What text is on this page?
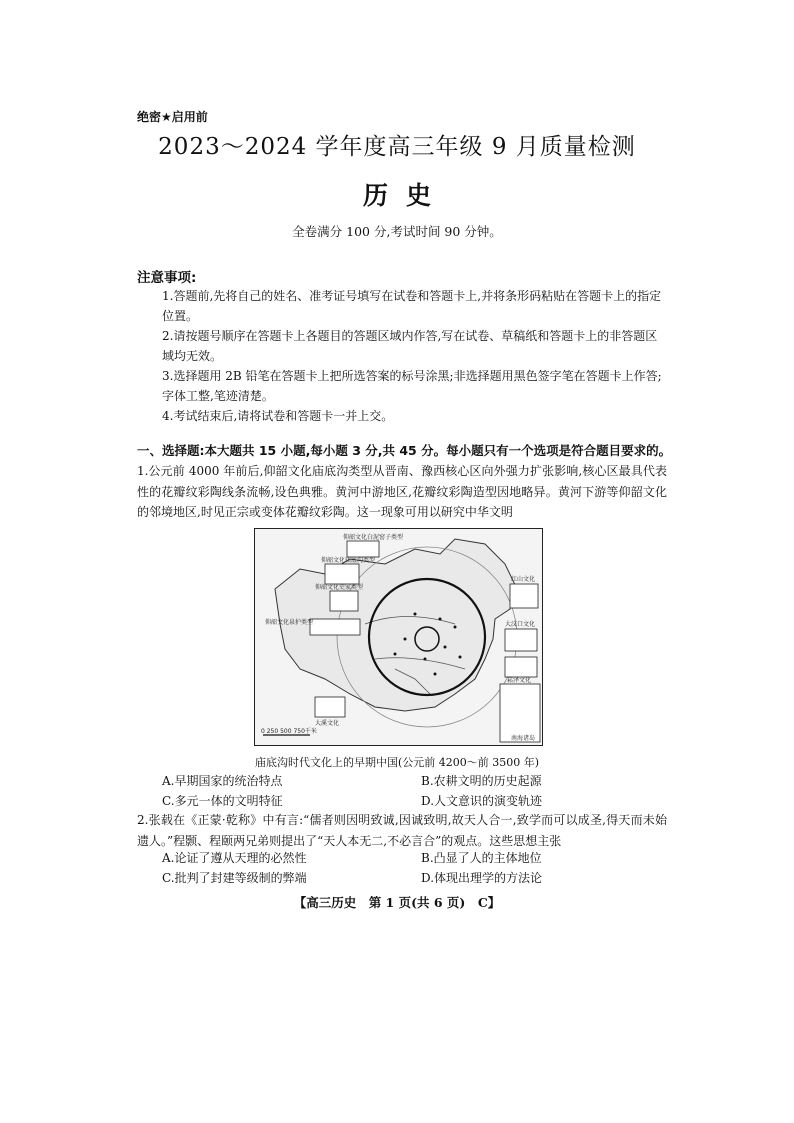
绝密★启用前
2023～2024 学年度高三年级 9 月质量检测
历史
全卷满分 100 分,考试时间 90 分钟。
注意事项:
1.答题前,先将自己的姓名、准考证号填写在试卷和答题卡上,并将条形码粘贴在答题卡上的指定位置。
2.请按题号顺序在答题卡上各题目的答题区域内作答,写在试卷、草稿纸和答题卡上的非答题区域均无效。
3.选择题用 2B 铅笔在答题卡上把所选答案的标号涂黑;非选择题用黑色签字笔在答题卡上作答;字体工整,笔迹清楚。
4.考试结束后,请将试卷和答题卡一并上交。
一、选择题:本大题共 15 小题,每小题 3 分,共 45 分。每小题只有一个选项是符合题目要求的。
1.公元前 4000 年前后,仰韶文化庙底沟类型从晋南、豫西核心区向外强力扩张影响,核心区最具代表性的花瓣纹彩陶线条流畅,设色典雅。黄河中游地区,花瓣纹彩陶造型因地略异。黄河下游等仰韶文化的邻境地区,时见正宗或变体花瓣纹彩陶。这一现象可用以研究中华文明
0 250 500 750千米
仰韶文化白泥窑子类型
仰韶文化庙底沟类型
仰韶文化史家类型
仰韶文化泉护类型
红山文化
大汶口文化
崧泽文化
大溪文化
南海诸岛
庙底沟时代文化上的早期中国(公元前 4200～前 3500 年)
A.早期国家的统治特点	B.农耕文明的历史起源
C.多元一体的文明特征	D.人文意识的演变轨迹
2.张载在《正蒙·乾称》中有言:“儒者则因明致诚,因诚致明,故天人合一,致学而可以成圣,得天而未始遗人。”程颢、程颐两兄弟则提出了“天人本无二,不必言合”的观点。这些思想主张
A.论证了遵从天理的必然性	B.凸显了人的主体地位
C.批判了封建等级制的弊端	D.体现出理学的方法论
【高三历史　第 1 页(共 6 页)　C】
